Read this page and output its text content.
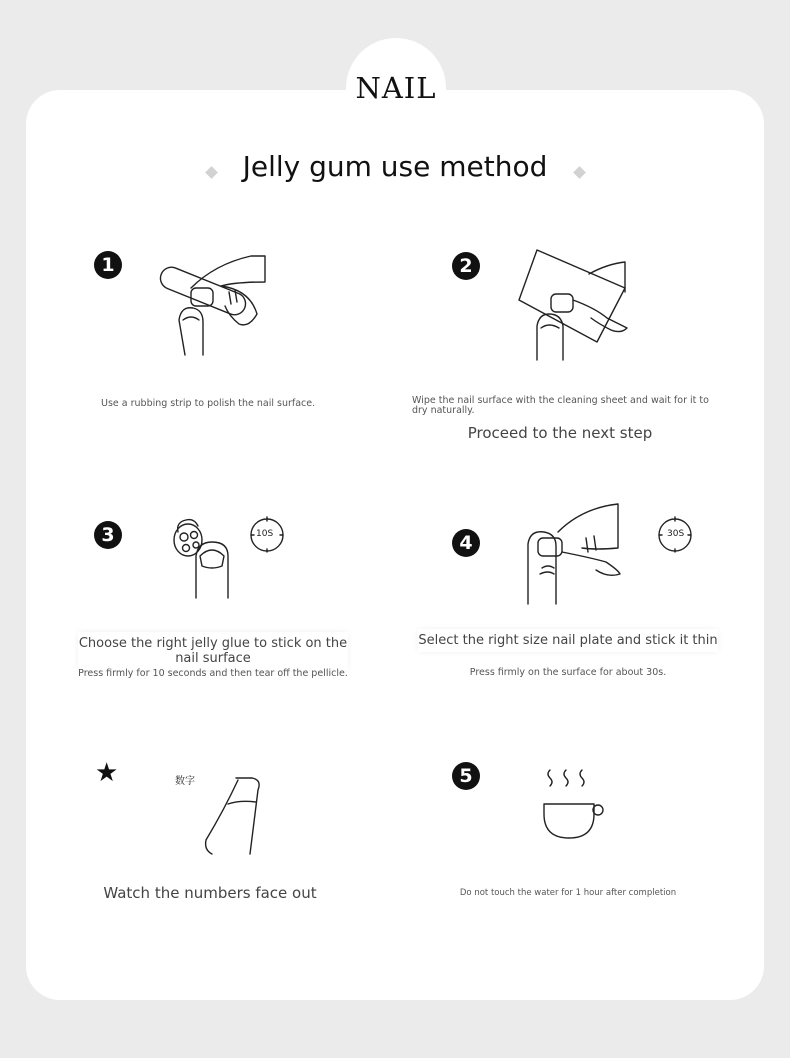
NAIL
Jelly gum use method
1
Use a rubbing strip to polish the nail surface.
2
Wipe the nail surface with the cleaning sheet and wait for it to dry naturally.
Proceed to the next step
3	10S
Choose the right jelly glue to stick on the nail surface
Press firmly for 10 seconds and then tear off the pellicle.
4	30S
Select the right size nail plate and stick it thin
Press firmly on the surface for about 30s.
★	数字
Watch the numbers face out
5
Do not touch the water for 1 hour after completion
